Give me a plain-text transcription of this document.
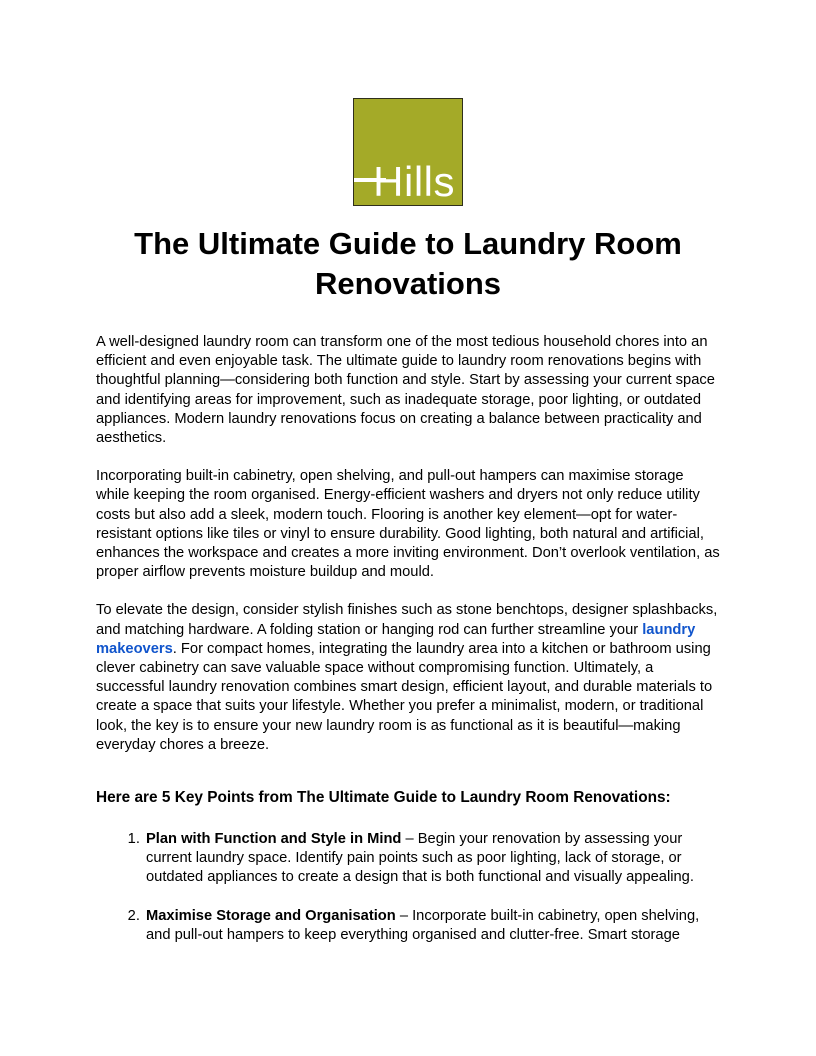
Hills
The Ultimate Guide to Laundry Room Renovations

A well-designed laundry room can transform one of the most tedious household chores into an efficient and even enjoyable task. The ultimate guide to laundry room renovations begins with thoughtful planning—considering both function and style. Start by assessing your current space and identifying areas for improvement, such as inadequate storage, poor lighting, or outdated appliances. Modern laundry renovations focus on creating a balance between practicality and aesthetics.

Incorporating built-in cabinetry, open shelving, and pull-out hampers can maximise storage while keeping the room organised. Energy-efficient washers and dryers not only reduce utility costs but also add a sleek, modern touch. Flooring is another key element—opt for water-resistant options like tiles or vinyl to ensure durability. Good lighting, both natural and artificial, enhances the workspace and creates a more inviting environment. Don’t overlook ventilation, as proper airflow prevents moisture buildup and mould.

To elevate the design, consider stylish finishes such as stone benchtops, designer splashbacks, and matching hardware. A folding station or hanging rod can further streamline your laundry makeovers. For compact homes, integrating the laundry area into a kitchen or bathroom using clever cabinetry can save valuable space without compromising function. Ultimately, a successful laundry renovation combines smart design, efficient layout, and durable materials to create a space that suits your lifestyle. Whether you prefer a minimalist, modern, or traditional look, the key is to ensure your new laundry room is as functional as it is beautiful—making everyday chores a breeze.

Here are 5 Key Points from The Ultimate Guide to Laundry Room Renovations:
1. Plan with Function and Style in Mind – Begin your renovation by assessing your current laundry space. Identify pain points such as poor lighting, lack of storage, or outdated appliances to create a design that is both functional and visually appealing.
2. Maximise Storage and Organisation – Incorporate built-in cabinetry, open shelving, and pull-out hampers to keep everything organised and clutter-free. Smart storage
